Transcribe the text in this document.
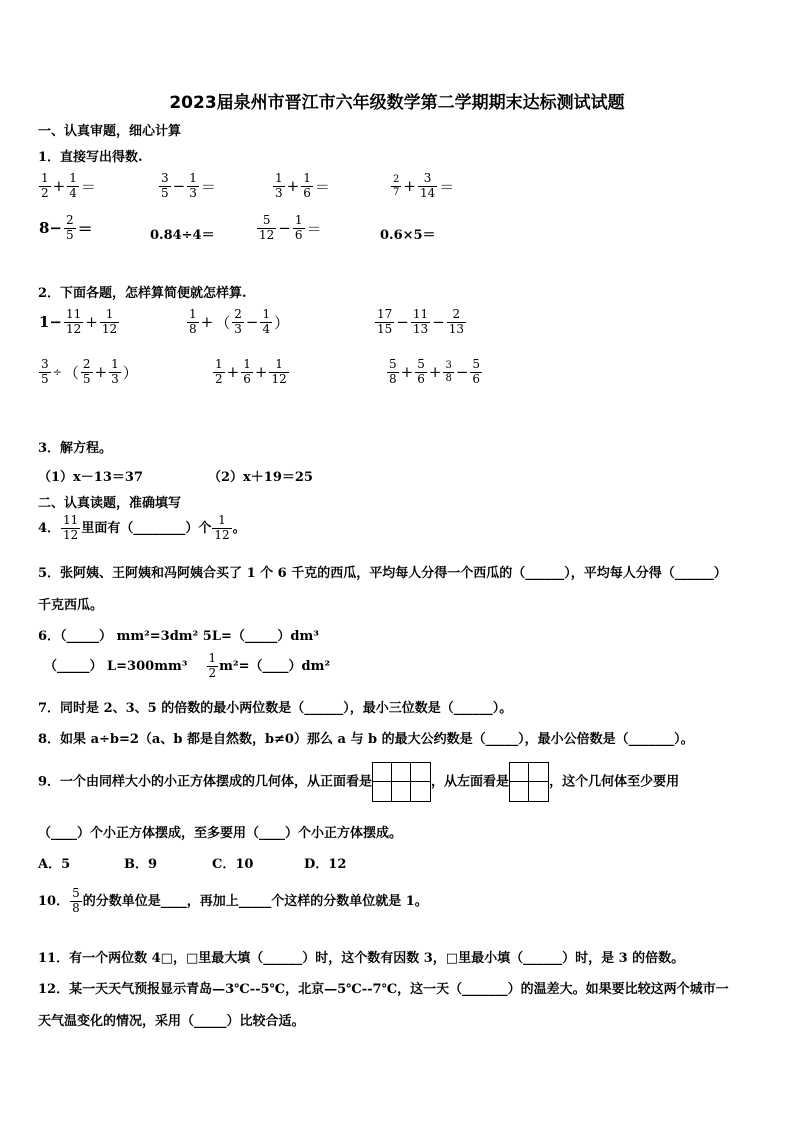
2023届泉州市晋江市六年级数学第二学期期末达标测试试题
一、认真审题，细心计算
1．直接写出得数.
$\frac{1}{2} + \frac{1}{4}$ ＝	$\frac{3}{5} - \frac{1}{3}$ ＝	$\frac{1}{3} + \frac{1}{6}$ ＝	$\frac{2}{7} + \frac{3}{14}$ ＝
$8- \frac{2}{5}$ ＝	0.84÷4＝	$\frac{5}{12} - \frac{1}{6}$ ＝	0.6×5＝
2．下面各题，怎样算简便就怎样算.
$1- \frac{11}{12} + \frac{1}{12}$	$\frac{1}{8}$ + （ $\frac{2}{3} - \frac{1}{4}$ ）	$\frac{17}{15} - \frac{11}{13} - \frac{2}{13}$
$\frac{3}{5}$ ÷ （ $\frac{2}{5} + \frac{1}{3}$ ）	$\frac{1}{2} + \frac{1}{6} + \frac{1}{12}$	$\frac{5}{8} + \frac{5}{6} + \frac{3}{8} - \frac{5}{6}$
3．解方程。
（1）x－13＝37	（2）x＋19＝25
二、认真读题，准确填写
4． $\frac{11}{12}$ 里面有（________）个 $\frac{1}{12}$ 。
5．张阿姨、王阿姨和冯阿姨合买了 1 个 6 千克的西瓜，平均每人分得一个西瓜的（______），平均每人分得（______）
千克西瓜。
6．（_____） mm²=3dm² 5L=（_____）dm³
（_____） $L=300mm^3 \frac{1}{2}$ m²=（____）dm²
7．同时是 2、3、5 的倍数的最小两位数是（______），最小三位数是（______）。
8．如果 a÷b=2（a、b 都是自然数，b≠0）那么 a 与 b 的最大公约数是（_____），最小公倍数是（_______）。
9．一个由同样大小的小正方体摆成的几何体，从正面看是	，从左面看是	，这个几何体至少要用
（____）个小正方体摆成，至多要用（____）个小正方体摆成。
A．5	B．9	C．10	D．12
10． $\frac{5}{8}$ 的分数单位是____，再加上_____个这样的分数单位就是 1。
11．有一个两位数 4□，□里最大填（______）时，这个数有因数 3，□里最小填（______）时，是 3 的倍数。
12．某一天天气预报显示青岛—3℃--5℃，北京—5℃--7℃，这一天（_______）的温差大。如果要比较这两个城市一
天气温变化的情况，采用（_____）比较合适。
